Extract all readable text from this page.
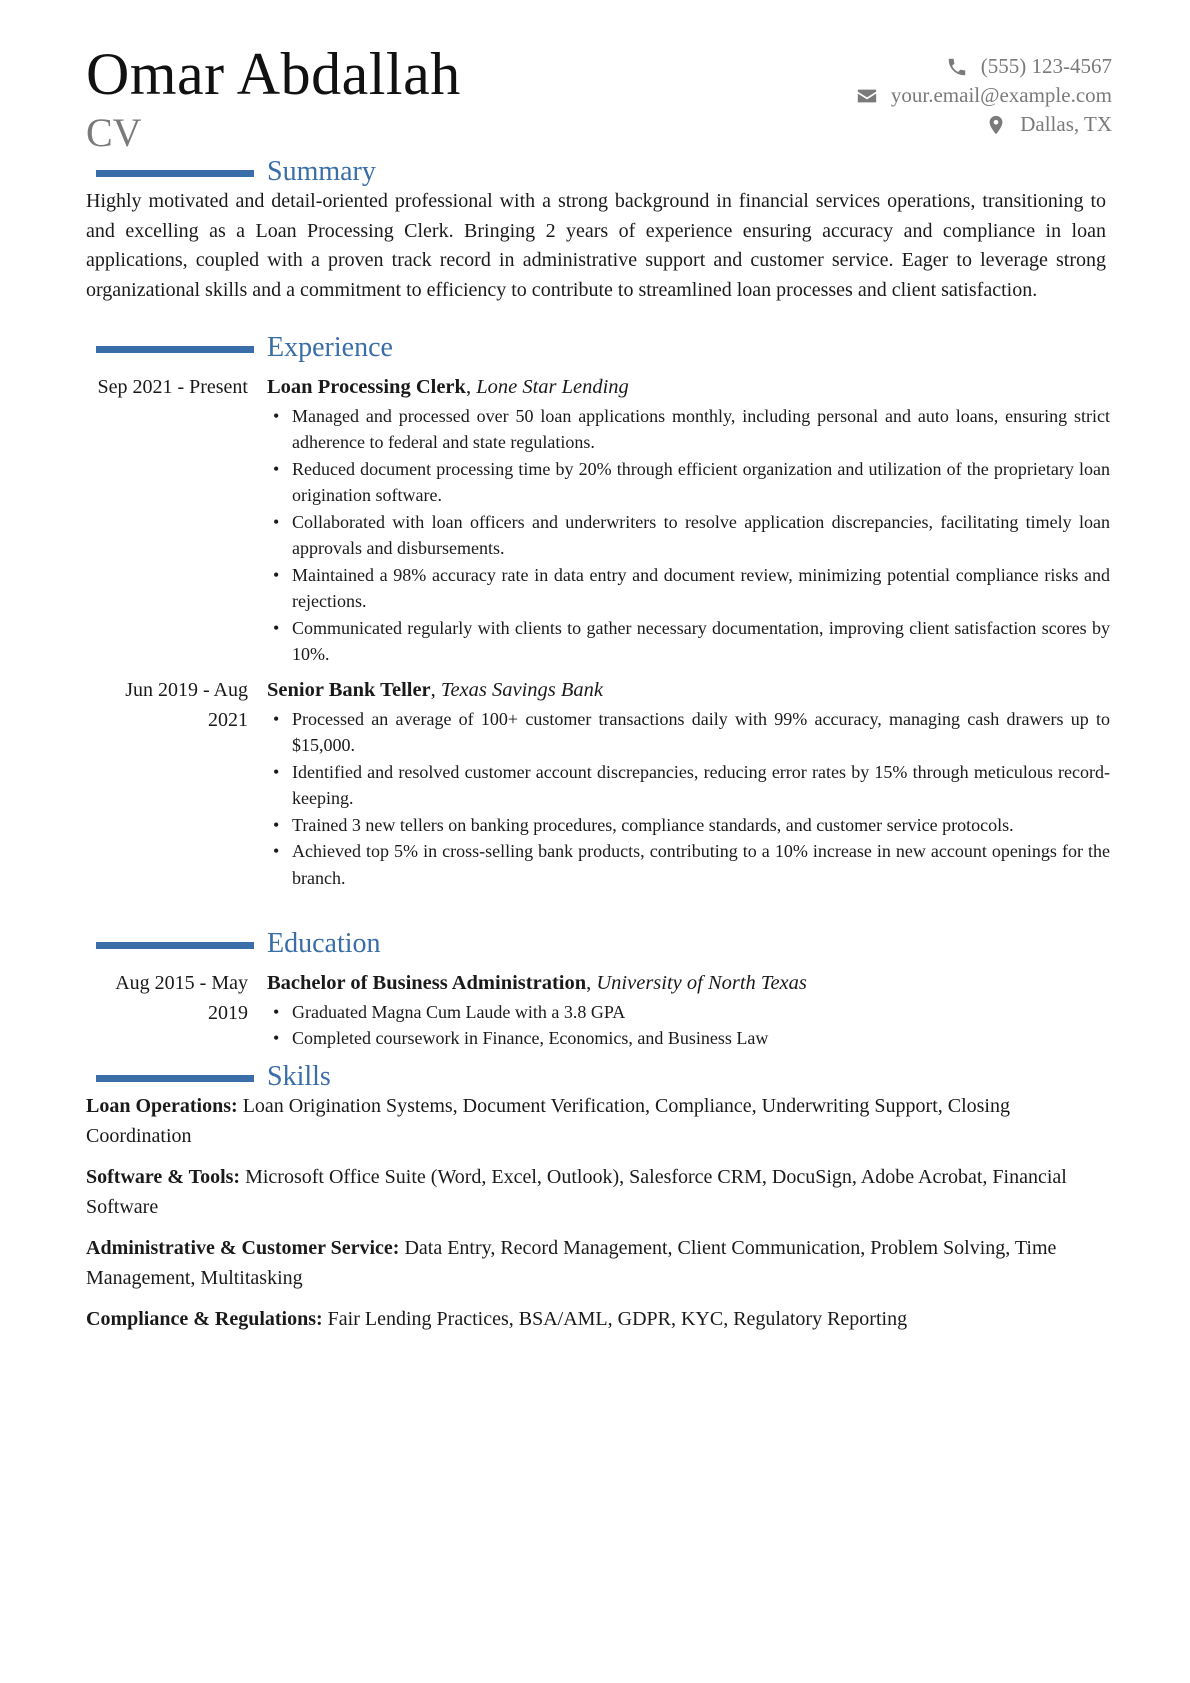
Omar Abdallah
CV
(555) 123-4567
your.email@example.com
Dallas, TX
Summary
Highly motivated and detail-oriented professional with a strong background in financial services operations, transitioning to and excelling as a Loan Processing Clerk. Bringing 2 years of experience ensuring accuracy and compliance in loan applications, coupled with a proven track record in administrative support and customer service. Eager to leverage strong organizational skills and a commitment to efficiency to contribute to streamlined loan processes and client satisfaction.
Experience
Sep 2021 - Present Loan Processing Clerk, Lone Star Lending
• Managed and processed over 50 loan applications monthly, including personal and auto loans, ensuring strict adherence to federal and state regulations.
• Reduced document processing time by 20% through efficient organization and utilization of the proprietary loan origination software.
• Collaborated with loan officers and underwriters to resolve application discrepancies, facilitating timely loan approvals and disbursements.
• Maintained a 98% accuracy rate in data entry and document review, minimizing potential compliance risks and rejections.
• Communicated regularly with clients to gather necessary documentation, improving client satisfaction scores by 10%.
Jun 2019 - Aug 2021
Senior Bank Teller, Texas Savings Bank
• Processed an average of 100+ customer transactions daily with 99% accuracy, managing cash drawers up to $15,000.
• Identified and resolved customer account discrepancies, reducing error rates by 15% through meticulous record-keeping.
• Trained 3 new tellers on banking procedures, compliance standards, and customer service protocols.
• Achieved top 5% in cross-selling bank products, contributing to a 10% increase in new account openings for the branch.
Education
Aug 2015 - May 2019
Bachelor of Business Administration, University of North Texas
• Graduated Magna Cum Laude with a 3.8 GPA
• Completed coursework in Finance, Economics, and Business Law
Skills
Loan Operations: Loan Origination Systems, Document Verification, Compliance, Underwriting Support, Closing Coordination
Software & Tools: Microsoft Office Suite (Word, Excel, Outlook), Salesforce CRM, DocuSign, Adobe Acrobat, Financial Software
Administrative & Customer Service: Data Entry, Record Management, Client Communication, Problem Solving, Time Management, Multitasking
Compliance & Regulations: Fair Lending Practices, BSA/AML, GDPR, KYC, Regulatory Reporting
